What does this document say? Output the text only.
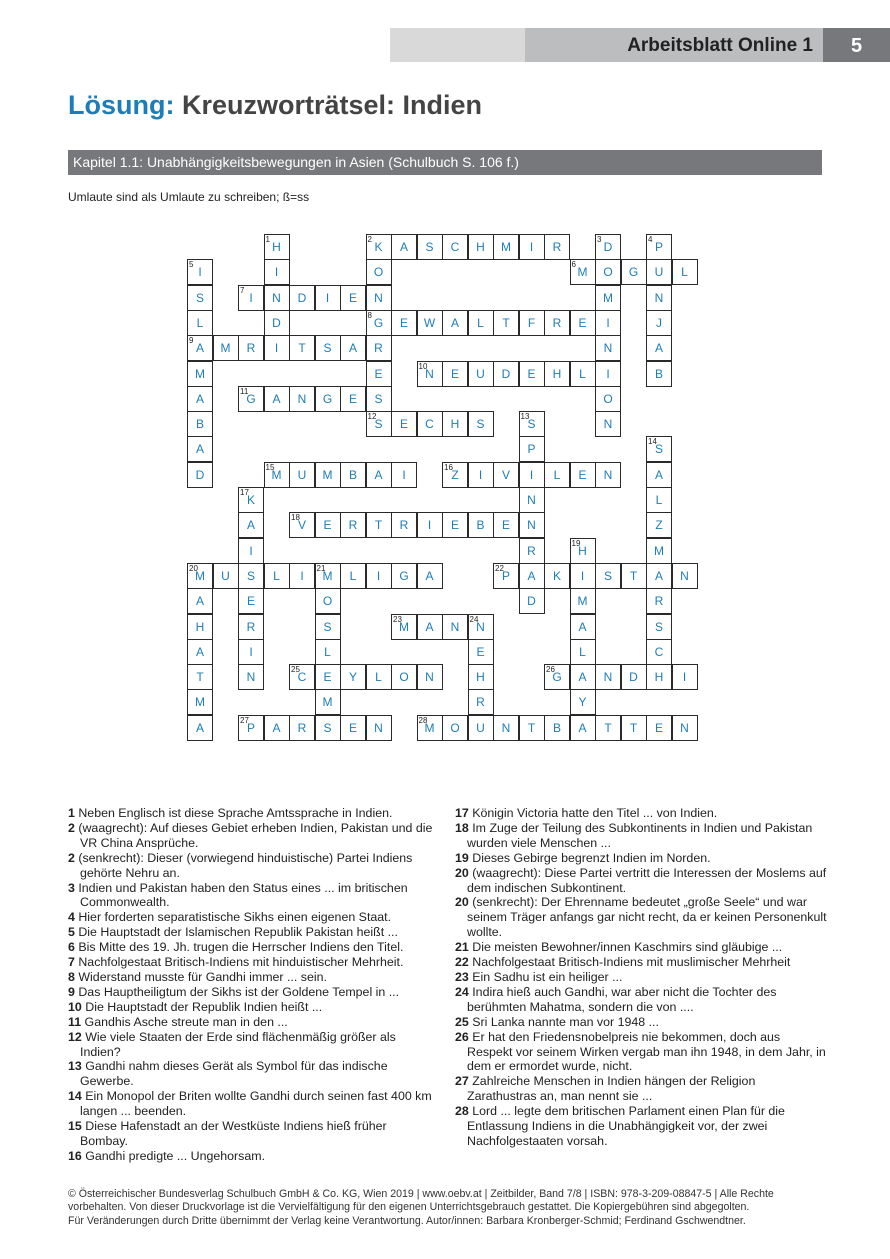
Arbeitsblatt Online 1	5
Lösung: Kreuzworträtsel: Indien
Kapitel 1.1: Unabhängigkeitsbewegungen in Asien (Schulbuch S. 106 f.)
Umlaute sind als Umlaute zu schreiben; ß=ss
1
H
I
N
D
I
2
K	A	S	C	H	M	I	R
O
N
8
G
R
E
S
12
S
3
D
O
M
I
N
I
O
N
4
P
U
N
J
A
B
5
I
S
L
9
A
M
A
B
A
D
6
M	G	L
7
I	D	I	E
E	W	A	L	T	F	R	E
M	R	T	S	A
10
N	E	U	D	E	H	L
11
G	A	N	G	E
E	C	H	S
13
S
P
I
N
N
R
A
D
14
S
A
L
Z
M
A
R
S
C
H
15
M	U	M	B	A	I
16
Z	I	V	L	E	N
17
K
A
I
S
E
R
I
N
18
V	E	R	T	R	I	E	B	E
19
H
I
M
A
L
A
Y
A
20
M	U	L	I
21
M	L	I	G	A
A
H
A
T
M
A
O
S
L
E
M
22
P	K	S	T	N
23
M	A	N
24
N
E
H
R
U
25
C	Y	L	O	N
26
G	N	D	I
27
P	A	R	S	E	N
28
M	O	N	T	B	T	T	E	N
1 Neben Englisch ist diese Sprache Amtssprache in Indien.
2 (waagrecht): Auf dieses Gebiet erheben Indien, Pakistan und die VR China Ansprüche.
2 (senkrecht): Dieser (vorwiegend hinduistische) Partei Indiens gehörte Nehru an.
3 Indien und Pakistan haben den Status eines ... im britischen Commonwealth.
4 Hier forderten separatistische Sikhs einen eigenen Staat.
5 Die Hauptstadt der Islamischen Republik Pakistan heißt ...
6 Bis Mitte des 19. Jh. trugen die Herrscher Indiens den Titel.
7 Nachfolgestaat Britisch-Indiens mit hinduistischer Mehrheit.
8 Widerstand musste für Gandhi immer ... sein.
9 Das Hauptheiligtum der Sikhs ist der Goldene Tempel in ...
10 Die Hauptstadt der Republik Indien heißt ...
11 Gandhis Asche streute man in den ...
12 Wie viele Staaten der Erde sind flächenmäßig größer als Indien?
13 Gandhi nahm dieses Gerät als Symbol für das indische Gewerbe.
14 Ein Monopol der Briten wollte Gandhi durch seinen fast 400 km langen ... beenden.
15 Diese Hafenstadt an der Westküste Indiens hieß früher Bombay.
16 Gandhi predigte ... Ungehorsam.
17 Königin Victoria hatte den Titel ... von Indien.
18 Im Zuge der Teilung des Subkontinents in Indien und Pakistan wurden viele Menschen ...
19 Dieses Gebirge begrenzt Indien im Norden.
20 (waagrecht): Diese Partei vertritt die Interessen der Moslems auf dem indischen Subkontinent.
20 (senkrecht): Der Ehrenname bedeutet „große Seele“ und war seinem Träger anfangs gar nicht recht, da er keinen Personenkult wollte.
21 Die meisten Bewohner/innen Kaschmirs sind gläubige ...
22 Nachfolgestaat Britisch-Indiens mit muslimischer Mehrheit
23 Ein Sadhu ist ein heiliger ...
24 Indira hieß auch Gandhi, war aber nicht die Tochter des berühmten Mahatma, sondern die von ....
25 Sri Lanka nannte man vor 1948 ...
26 Er hat den Friedensnobelpreis nie bekommen, doch aus Respekt vor seinem Wirken vergab man ihn 1948, in dem Jahr, in dem er ermordet wurde, nicht.
27 Zahlreiche Menschen in Indien hängen der Religion Zarathustras an, man nennt sie ...
28 Lord ... legte dem britischen Parlament einen Plan für die Entlassung Indiens in die Unabhängigkeit vor, der zwei Nachfolgestaaten vorsah.
© Österreichischer Bundesverlag Schulbuch GmbH & Co. KG, Wien 2019 | www.oebv.at | Zeitbilder, Band 7/8 | ISBN: 978-3-209-08847-5 | Alle Rechte
vorbehalten. Von dieser Druckvorlage ist die Vervielfältigung für den eigenen Unterrichtsgebrauch gestattet. Die Kopiergebühren sind abgegolten.
Für Veränderungen durch Dritte übernimmt der Verlag keine Verantwortung. Autor/innen: Barbara Kronberger-Schmid; Ferdinand Gschwendtner.
